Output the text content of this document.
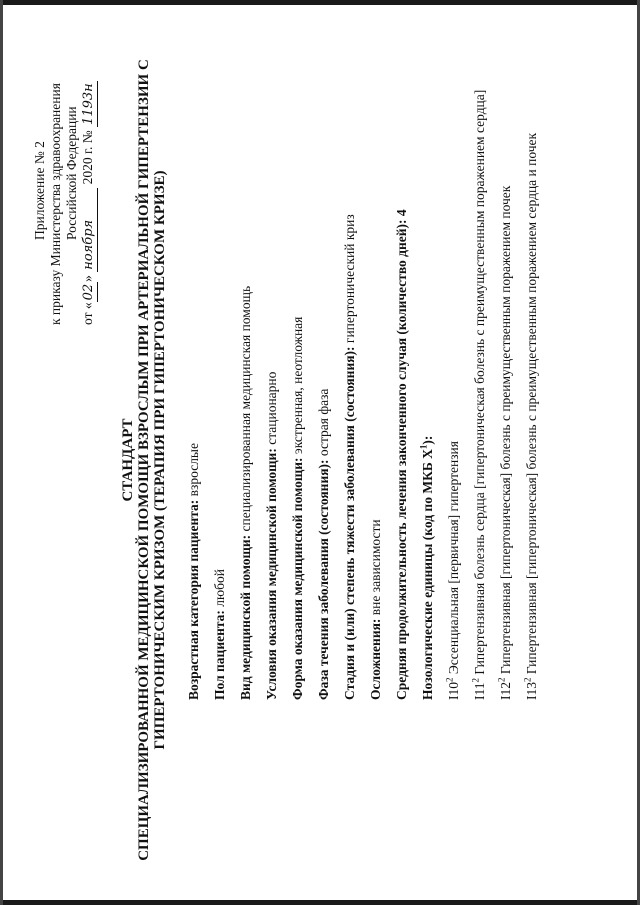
Приложение № 2 к приказу Министерства здравоохранения Российской Федерации
от «02» ноября 2020 г. № 1193н
СТАНДАРТ СПЕЦИАЛИЗИРОВАННОЙ МЕДИЦИНСКОЙ ПОМОЩИ ВЗРОСЛЫМ ПРИ АРТЕРИАЛЬНОЙ ГИПЕРТЕНЗИИ С ГИПЕРТОНИЧЕСКИМ КРИЗОМ (ТЕРАПИЯ ПРИ ГИПЕРТОНИЧЕСКОМ КРИЗЕ) Возрастная категория пациента: взрослые
Пол пациента: любой Вид медицинской помощи: специализированная медицинская помощь
Условия оказания медицинской помощи: стационарно
Форма оказания медицинской помощи: экстренная, неотложная
Фаза течения заболевания (состояния): острая фаза Стадия и (или) степень тяжести заболевания (состояния): гипертонический криз
Осложнения: вне зависимости Средняя продолжительность лечения законченного случая (количество дней): 4
Нозологические единицы (код по МКБ $X^1$):
$I10^2$ Эссенциальная [первичная] гипертензия
$I11^2$ Гипертензивная болезнь сердца [гипертоническая болезнь с преимущественным поражением сердца]
$I12^2$ Гипертензивная [гипертоническая] болезнь с преимущественным поражением почек
$I13^2$ Гипертензивная [гипертоническая] болезнь с преимущественным поражением сердца и почек
